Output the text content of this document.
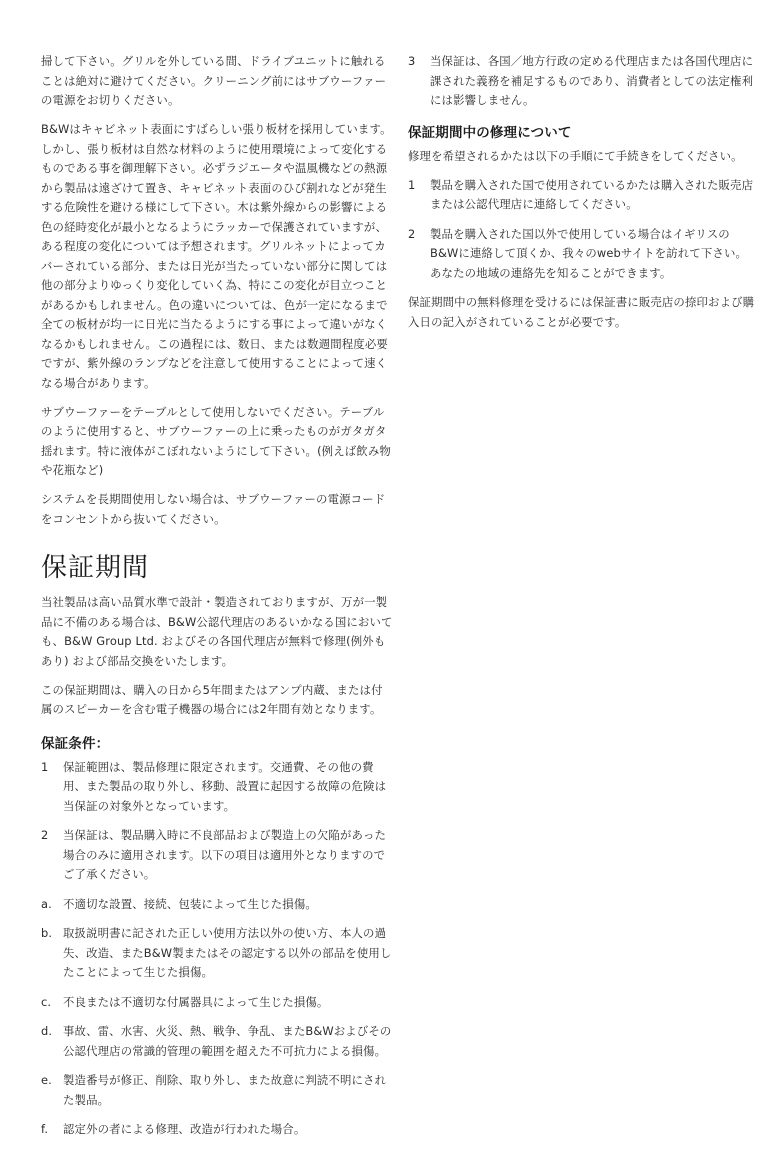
掃して下さい。グリルを外している間、ドライブユニットに触れることは絶対に避けてください。クリーニング前にはサブウーファーの電源をお切りください。

B&Wはキャビネット表面にすばらしい張り板材を採用しています。しかし、張り板材は自然な材料のように使用環境によって変化するものである事を御理解下さい。必ずラジエータや温風機などの熱源から製品は遠ざけて置き、キャビネット表面のひび割れなどが発生する危険性を避ける様にして下さい。木は紫外線からの影響による色の経時変化が最小となるようにラッカーで保護されていますが、ある程度の変化については予想されます。グリルネットによってカバーされている部分、または日光が当たっていない部分に関しては他の部分よりゆっくり変化していく為、特にこの変化が目立つことがあるかもしれません。色の違いについては、色が一定になるまで全ての板材が均一に日光に当たるようにする事によって違いがなくなるかもしれません。この過程には、数日、または数週間程度必要ですが、紫外線のランプなどを注意して使用することによって速くなる場合があります。

サブウーファーをテーブルとして使用しないでください。テーブルのように使用すると、サブウーファーの上に乗ったものがガタガタ揺れます。特に液体がこぼれないようにして下さい。(例えば飲み物や花瓶など)

システムを長期間使用しない場合は、サブウーファーの電源コードをコンセントから抜いてください。

保証期間

当社製品は高い品質水準で設計・製造されておりますが、万が一製品に不備のある場合は、B&W公認代理店のあるいかなる国においても、B&W Group Ltd. およびその各国代理店が無料で修理(例外もあり) および部品交換をいたします。

この保証期間は、購入の日から5年間またはアンプ内蔵、または付属のスピーカーを含む電子機器の場合には2年間有効となります。

保証条件：
1	保証範囲は、製品修理に限定されます。交通費、その他の費用、また製品の取り外し、移動、設置に起因する故障の危険は当保証の対象外となっています。
2	当保証は、製品購入時に不良部品および製造上の欠陥があった場合のみに適用されます。以下の項目は適用外となりますのでご了承ください。
a. 不適切な設置、接続、包装によって生じた損傷。
b. 取扱説明書に記された正しい使用方法以外の使い方、本人の過失、改造、またB&W製またはその認定する以外の部品を使用したことによって生じた損傷。
c.	不良または不適切な付属器具によって生じた損傷。
d. 事故、雷、水害、火災、熱、戦争、争乱、またB&Wおよびその公認代理店の常識的管理の範囲を超えた不可抗力による損傷。
e. 製造番号が修正、削除、取り外し、また故意に判読不明にされた製品。
f.	認定外の者による修理、改造が行われた場合。
3	当保証は、各国／地方行政の定める代理店または各国代理店に課された義務を補足するものであり、消費者としての法定権利には影響しません。
保証期間中の修理について

修理を希望されるかたは以下の手順にて手続きをしてください。

1	製品を購入された国で使用されているかたは購入された販売店または公認代理店に連絡してください。
2	製品を購入された国以外で使用している場合はイギリスのB&Wに連絡して頂くか、我々のwebサイトを訪れて下さい。あなたの地域の連絡先を知ることができます。

保証期間中の無料修理を受けるには保証書に販売店の捺印および購入日の記入がされていることが必要です。
